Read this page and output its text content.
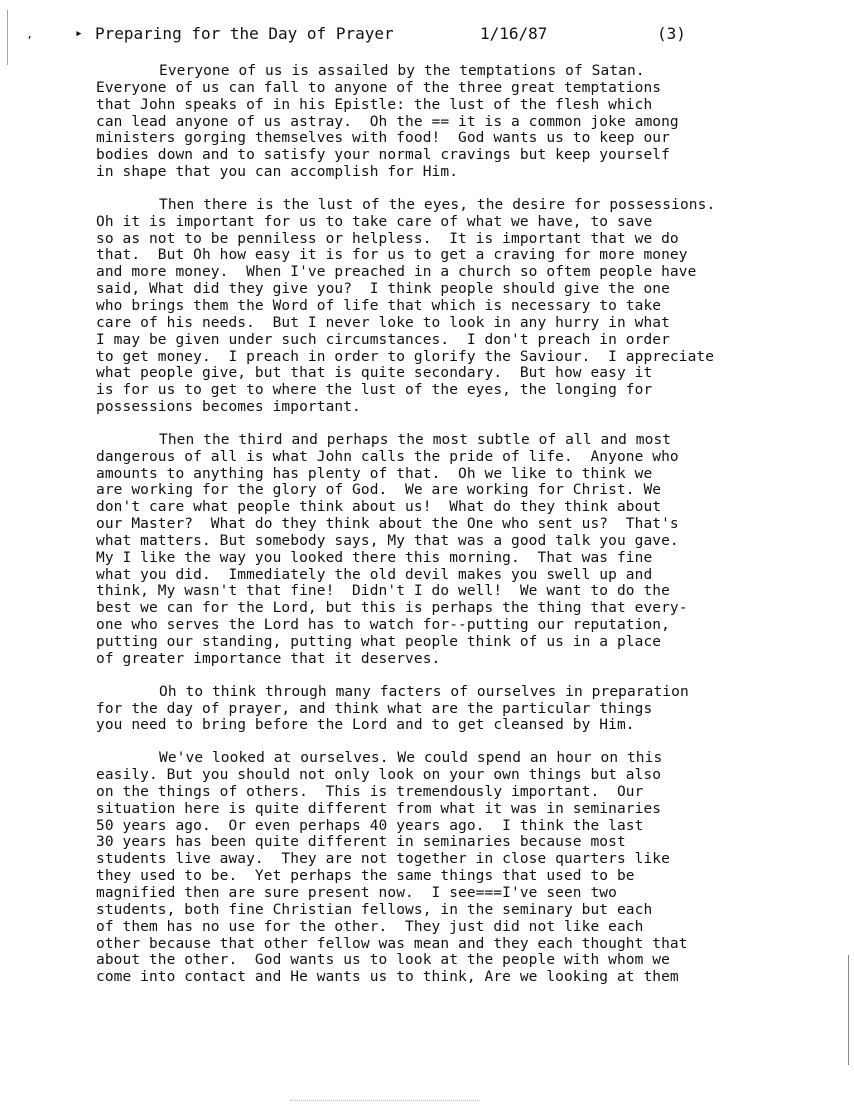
’

	▸

Preparing for the Day of Prayer

	1/16/87

	(3)

Everyone of us is assailed by the temptations of Satan.
Everyone of us can fall to anyone of the three great temptations
that John speaks of in his Epistle: the lust of the flesh which
can lead anyone of us astray.  Oh the == it is a common joke among
ministers gorging themselves with food!  God wants us to keep our
bodies down and to satisfy your normal cravings but keep yourself
in shape that you can accomplish for Him.

Then there is the lust of the eyes, the desire for possessions.
Oh it is important for us to take care of what we have, to save
so as not to be penniless or helpless.  It is important that we do
that.  But Oh how easy it is for us to get a craving for more money
and more money.  When I've preached in a church so oftem people have
said, What did they give you?  I think people should give the one
who brings them the Word of life that which is necessary to take
care of his needs.  But I never loke to look in any hurry in what
I may be given under such circumstances.  I don't preach in order
to get money.  I preach in order to glorify the Saviour.  I appreciate
what people give, but that is quite secondary.  But how easy it
is for us to get to where the lust of the eyes, the longing for
possessions becomes important.

Then the third and perhaps the most subtle of all and most
dangerous of all is what John calls the pride of life.  Anyone who
amounts to anything has plenty of that.  Oh we like to think we
are working for the glory of God.  We are working for Christ. We
don't care what people think about us!  What do they think about
our Master?  What do they think about the One who sent us?  That's
what matters. But somebody says, My that was a good talk you gave.
My I like the way you looked there this morning.  That was fine
what you did.  Immediately the old devil makes you swell up and
think, My wasn't that fine!  Didn't I do well!  We want to do the
best we can for the Lord, but this is perhaps the thing that every-
one who serves the Lord has to watch for--putting our reputation,
putting our standing, putting what people think of us in a place
of greater importance that it deserves.

Oh to think through many facters of ourselves in preparation
for the day of prayer, and think what are the particular things
you need to bring before the Lord and to get cleansed by Him.

We've looked at ourselves. We could spend an hour on this
easily. But you should not only look on your own things but also
on the things of others.  This is tremendously important.  Our
situation here is quite different from what it was in seminaries
50 years ago.  Or even perhaps 40 years ago.  I think the last
30 years has been quite different in seminaries because most
students live away.  They are not together in close quarters like
they used to be.  Yet perhaps the same things that used to be
magnified then are sure present now.  I see===I've seen two
students, both fine Christian fellows, in the seminary but each
of them has no use for the other.  They just did not like each
other because that other fellow was mean and they each thought that
about the other.  God wants us to look at the people with whom we
come into contact and He wants us to think, Are we looking at them
